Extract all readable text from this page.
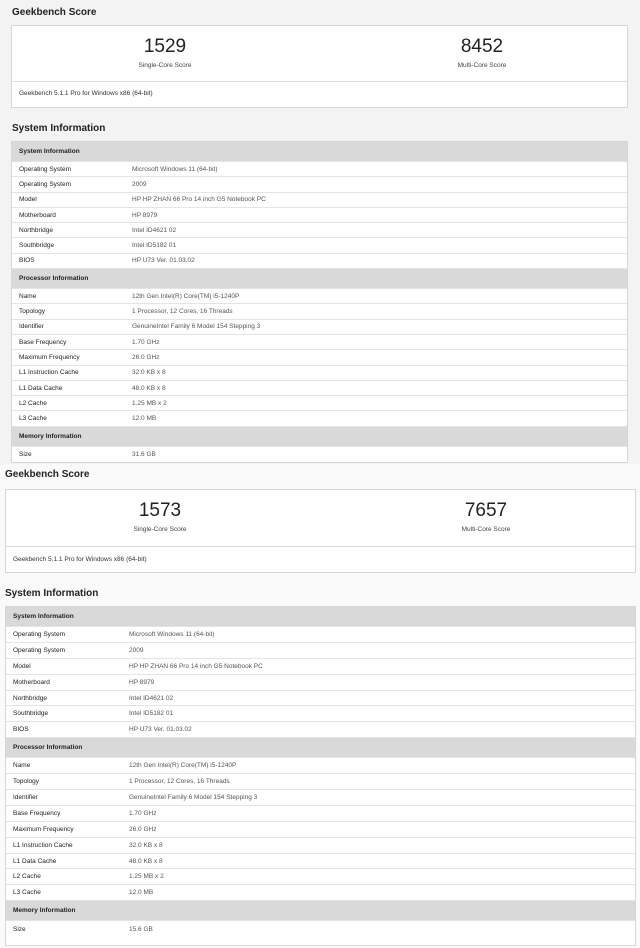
Geekbench Score
1529
Single-Core Score
8452
Multi-Core Score
Geekbench 5.1.1 Pro for Windows x86 (64-bit)
System Information
System Information
Operating System	Microsoft Windows 11 (64-bit)
Operating System	2009
Model	HP HP ZHAN 66 Pro 14 inch G5 Notebook PC
Motherboard	HP 8979
Northbridge	Intel ID4621 02
Southbridge	Intel ID5182 01
BIOS	HP U73 Ver. 01.03.02
Processor Information
Name	12th Gen Intel(R) Core(TM) i5-1240P
Topology	1 Processor, 12 Cores, 16 Threads
Identifier	GenuineIntel Family 6 Model 154 Stepping 3
Base Frequency	1.70 GHz
Maximum Frequency	26.0 GHz
L1 Instruction Cache	32.0 KB x 8
L1 Data Cache	48.0 KB x 8
L2 Cache	1.25 MB x 2
L3 Cache	12.0 MB
Memory Information
Size	31.6 GB
Geekbench Score
1573
Single-Core Score
7657
Multi-Core Score
Geekbench 5.1.1 Pro for Windows x86 (64-bit)
System Information
System Information
Operating System	Microsoft Windows 11 (64-bit)
Operating System	2009
Model	HP HP ZHAN 66 Pro 14 inch G5 Notebook PC
Motherboard	HP 8979
Northbridge	Intel ID4621 02
Southbridge	Intel ID5182 01
BIOS	HP U73 Ver. 01.03.02
Processor Information
Name	12th Gen Intel(R) Core(TM) i5-1240P
Topology	1 Processor, 12 Cores, 16 Threads
Identifier	GenuineIntel Family 6 Model 154 Stepping 3
Base Frequency	1.70 GHz
Maximum Frequency	26.0 GHz
L1 Instruction Cache	32.0 KB x 8
L1 Data Cache	48.0 KB x 8
L2 Cache	1.25 MB x 2
L3 Cache	12.0 MB
Memory Information
Size	15.6 GB
